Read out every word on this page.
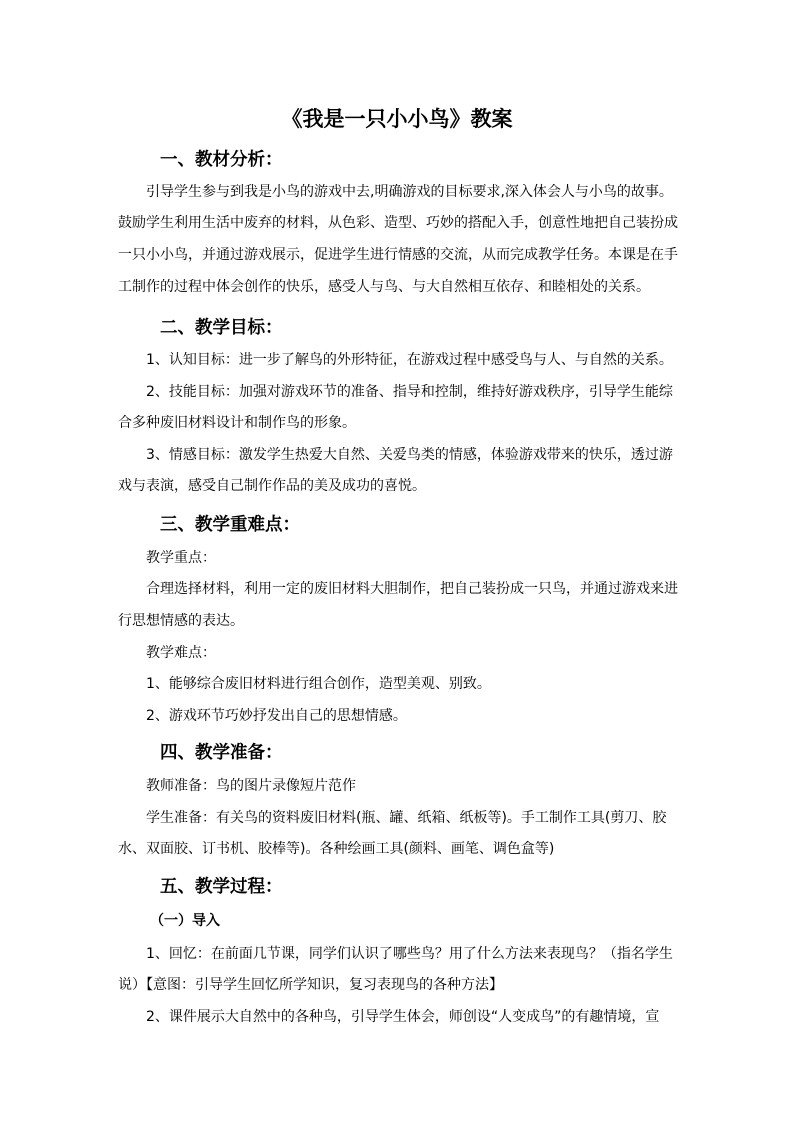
《我是一只小小鸟》教案
一、教材分析：
引导学生参与到我是小鸟的游戏中去,明确游戏的目标要求,深入体会人与小鸟的故事。
鼓励学生利用生活中废弃的材料，从色彩、造型、巧妙的搭配入手，创意性地把自己装扮成
一只小小鸟，并通过游戏展示，促进学生进行情感的交流，从而完成教学任务。本课是在手
工制作的过程中体会创作的快乐，感受人与鸟、与大自然相互依存、和睦相处的关系。
二、教学目标：
1、认知目标：进一步了解鸟的外形特征，在游戏过程中感受鸟与人、与自然的关系。
2、技能目标：加强对游戏环节的准备、指导和控制，维持好游戏秩序，引导学生能综
合多种废旧材料设计和制作鸟的形象。
3、情感目标：激发学生热爱大自然、关爱鸟类的情感，体验游戏带来的快乐，透过游
戏与表演，感受自己制作作品的美及成功的喜悦。
三、教学重难点：
教学重点：
合理选择材料，利用一定的废旧材料大胆制作，把自己装扮成一只鸟，并通过游戏来进
行思想情感的表达。
教学难点：
1、能够综合废旧材料进行组合创作，造型美观、别致。
2、游戏环节巧妙抒发出自己的思想情感。
四、教学准备：
教师准备：鸟的图片录像短片范作
学生准备：有关鸟的资料废旧材料(瓶、罐、纸箱、纸板等)。手工制作工具(剪刀、胶
水、双面胶、订书机、胶棒等)。各种绘画工具(颜料、画笔、调色盒等)
五、教学过程：
（一）导入
1、回忆：在前面几节课，同学们认识了哪些鸟？用了什么方法来表现鸟？（指名学生
说）【意图：引导学生回忆所学知识，复习表现鸟的各种方法】
2、课件展示大自然中的各种鸟，引导学生体会，师创设“人变成鸟”的有趣情境，宣
